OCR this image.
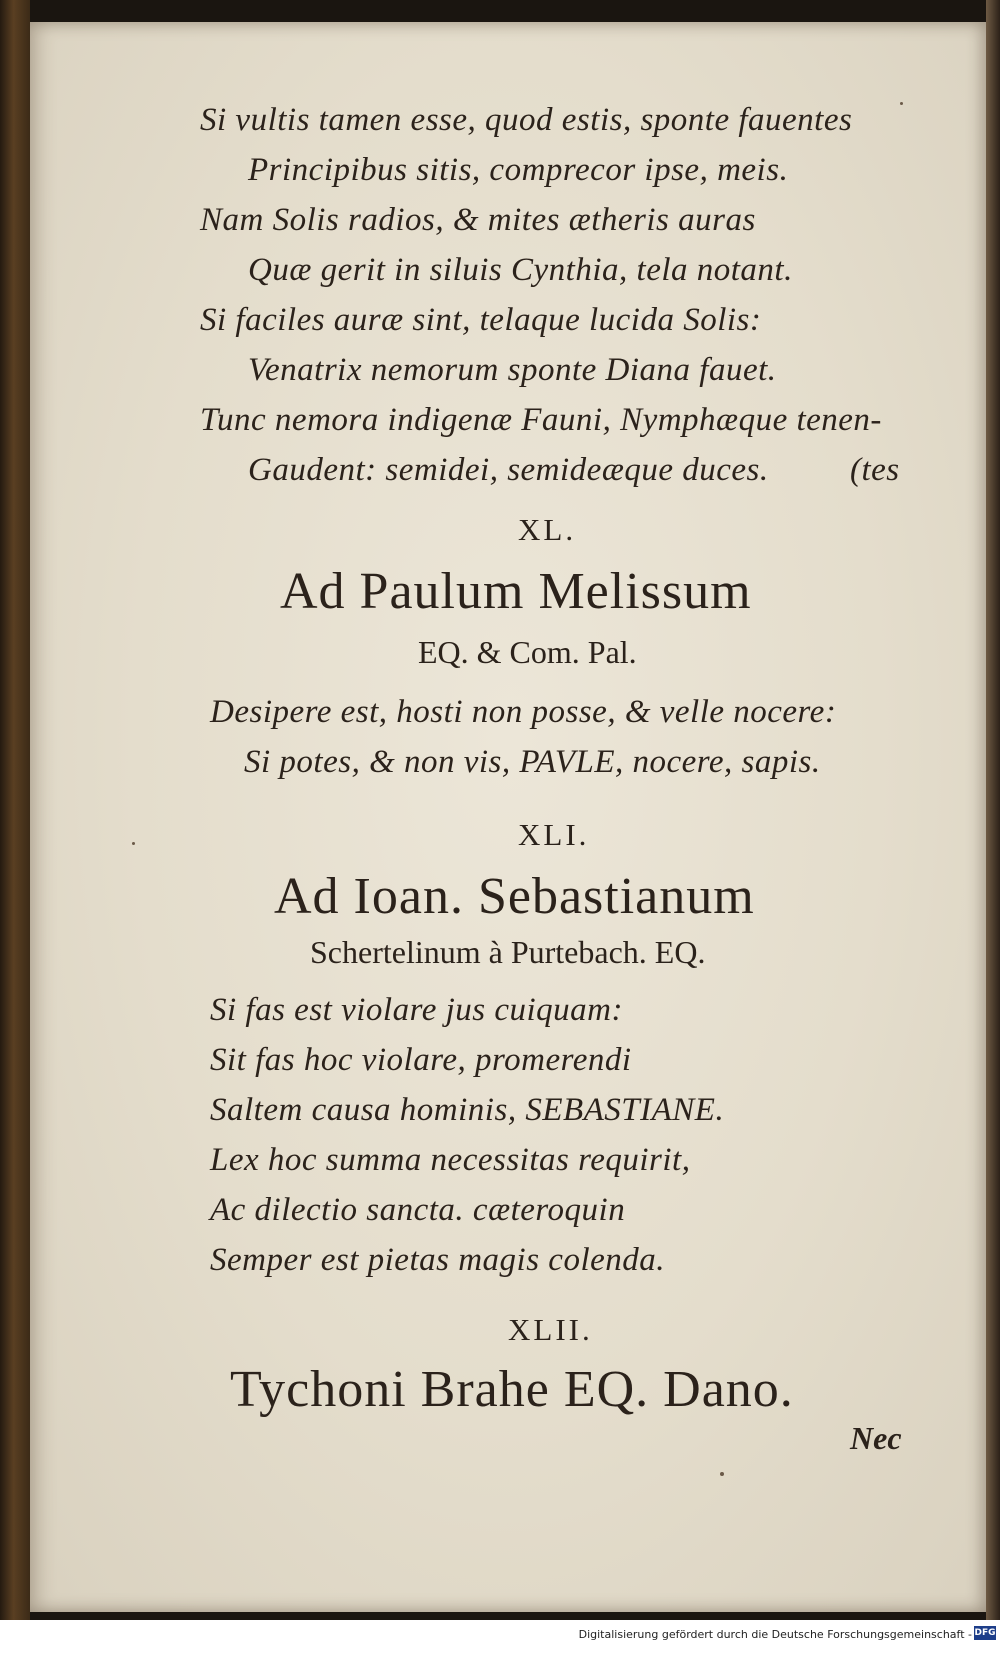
Si vultis tamen esse, quod estis, sponte fauentes
Principibus sitis, comprecor ipse, meis.
Nam Solis radios, & mites ætheris auras
Quæ gerit in siluis Cynthia, tela notant.
Si faciles auræ sint, telaque lucida Solis:
Venatrix nemorum sponte Diana fauet.
Tunc nemora indigenæ Fauni, Nymphæque tenen-
Gaudent: semidei, semideæque duces. (tes
XL.
Ad Paulum Melissum
EQ. & Com. Pal.
Desipere est, hosti non posse, & velle nocere:
Si potes, & non vis, PAVLE, nocere, sapis.
XLI.
Ad Ioan. Sebastianum
Schertelinum à Purtebach. EQ.
Si fas est violare jus cuiquam:
Sit fas hoc violare, promerendi
Saltem causa hominis, SEBASTIANE.
Lex hoc summa necessitas requirit,
Ac dilectio sancta. cæteroquin
Semper est pietas magis colenda.
XLII.
Tychoni Brahe EQ. Dano.
Nec
Digitalisierung gefördert durch die Deutsche Forschungsgemeinschaft - DFG
